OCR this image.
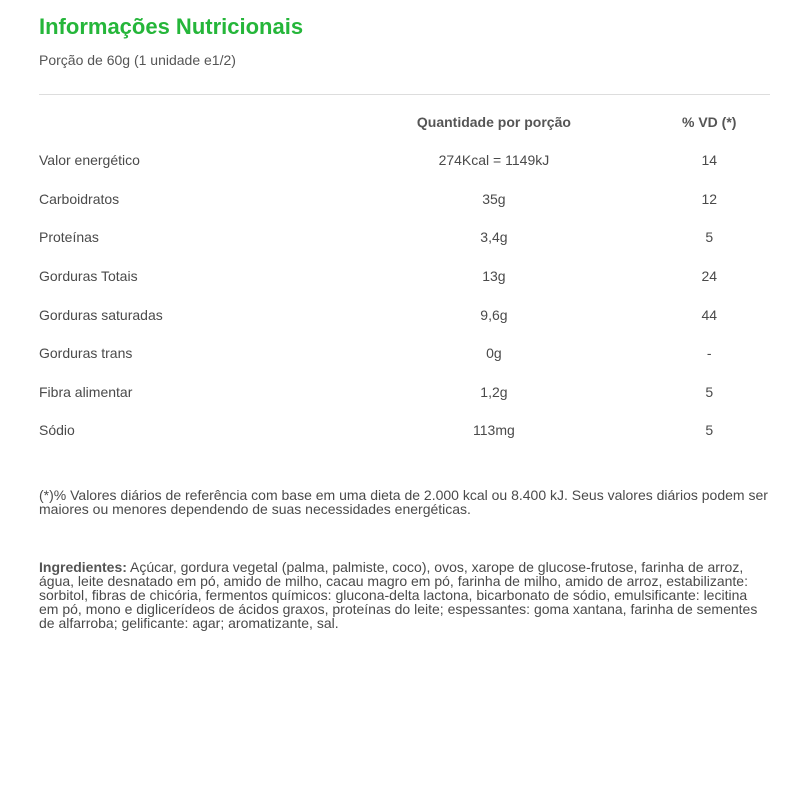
Informações Nutricionais
Porção de 60g (1 unidade e1/2)
	Quantidade por porção	% VD (*)
Valor energético	274Kcal = 1149kJ	14
Carboidratos	35g	12
Proteínas	3,4g	5
Gorduras Totais	13g	24
Gorduras saturadas	9,6g	44
Gorduras trans	0g	-
Fibra alimentar	1,2g	5
Sódio	113mg	5

(*)% Valores diários de referência com base em uma dieta de 2.000 kcal ou 8.400 kJ. Seus valores diários podem ser maiores ou menores dependendo de suas necessidades energéticas.

Ingredientes: Açúcar, gordura vegetal (palma, palmiste, coco), ovos, xarope de glucose-frutose, farinha de arroz, água, leite desnatado em pó, amido de milho, cacau magro em pó, farinha de milho, amido de arroz, estabilizante: sorbitol, fibras de chicória, fermentos químicos: glucona-delta lactona, bicarbonato de sódio, emulsificante: lecitina em pó, mono e diglicerídeos de ácidos graxos, proteínas do leite; espessantes: goma xantana, farinha de sementes de alfarroba; gelificante: agar; aromatizante, sal.
